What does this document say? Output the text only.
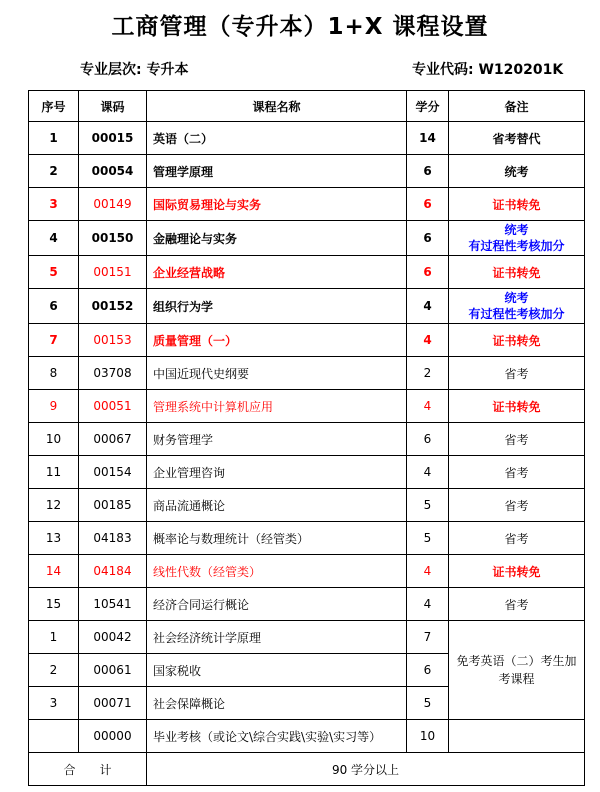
工商管理（专升本）1+X 课程设置
专业层次: 专升本	专业代码: W120201K
序号	课码	课程名称	学分	备注
1	00015	英语（二）	14	省考替代
2	00054	管理学原理	6	统考
3	00149	国际贸易理论与实务	6	证书转免
4	00150	金融理论与实务	6	统考
有过程性考核加分

5	00151	企业经营战略	6	证书转免
6	00152	组织行为学	4	统考
有过程性考核加分

7	00153	质量管理（一）	4	证书转免
8	03708	中国近现代史纲要	2	省考
9	00051	管理系统中计算机应用	4	证书转免
10	00067	财务管理学	6	省考
11	00154	企业管理咨询	4	省考
12	00185	商品流通概论	5	省考
13	04183	概率论与数理统计（经管类）	5	省考
14	04184	线性代数（经管类）	4	证书转免
15	10541	经济合同运行概论	4	省考
1	00042	社会经济统计学原理	7	免考英语（二）考生加考课程
2	00061	国家税收	6	
3	00071	社会保障概论	5	
	00000	毕业考核（或论文\综合实践\实验\实习等）	10	
合　　计		90 学分以上		
